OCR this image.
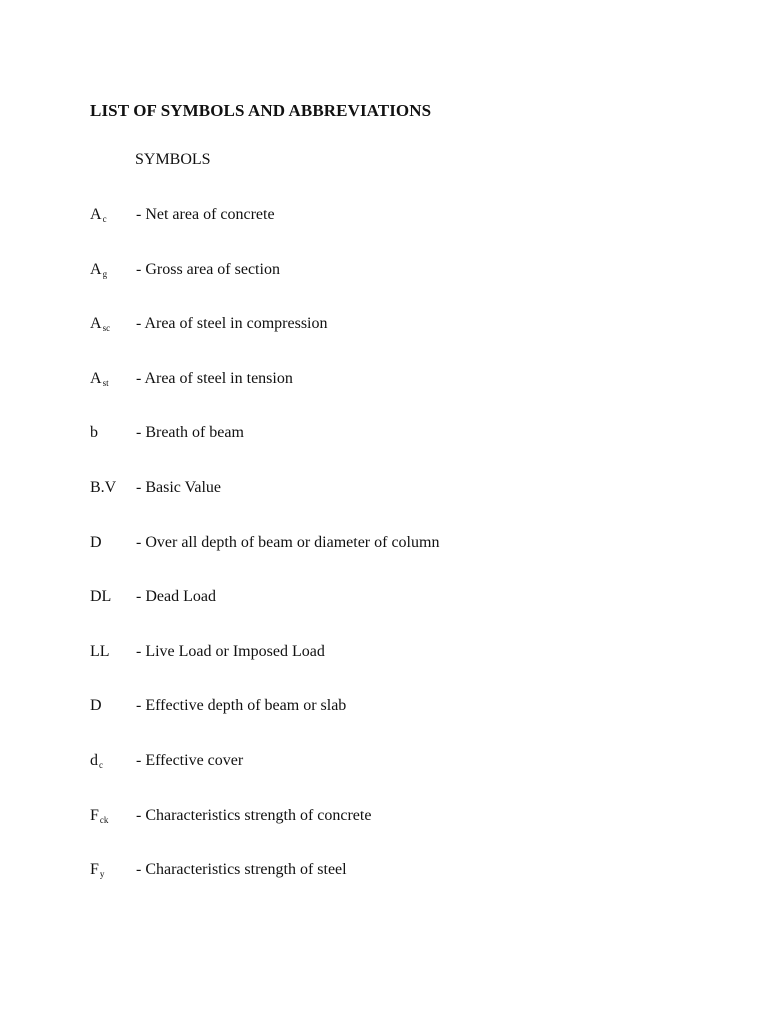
LIST OF SYMBOLS AND ABBREVIATIONS
SYMBOLS
$A_c$ - Net area of concrete
$A_g$ - Gross area of section
$A_{sc}$ - Area of steel in compression
$A_{st}$ - Area of steel in tension
b - Breath of beam
B.V - Basic Value
D - Over all depth of beam or diameter of column
DL - Dead Load
LL - Live Load or Imposed Load
D - Effective depth of beam or slab
$d_c$ - Effective cover
$F_{ck}$ - Characteristics strength of concrete
$F_y$ - Characteristics strength of steel
